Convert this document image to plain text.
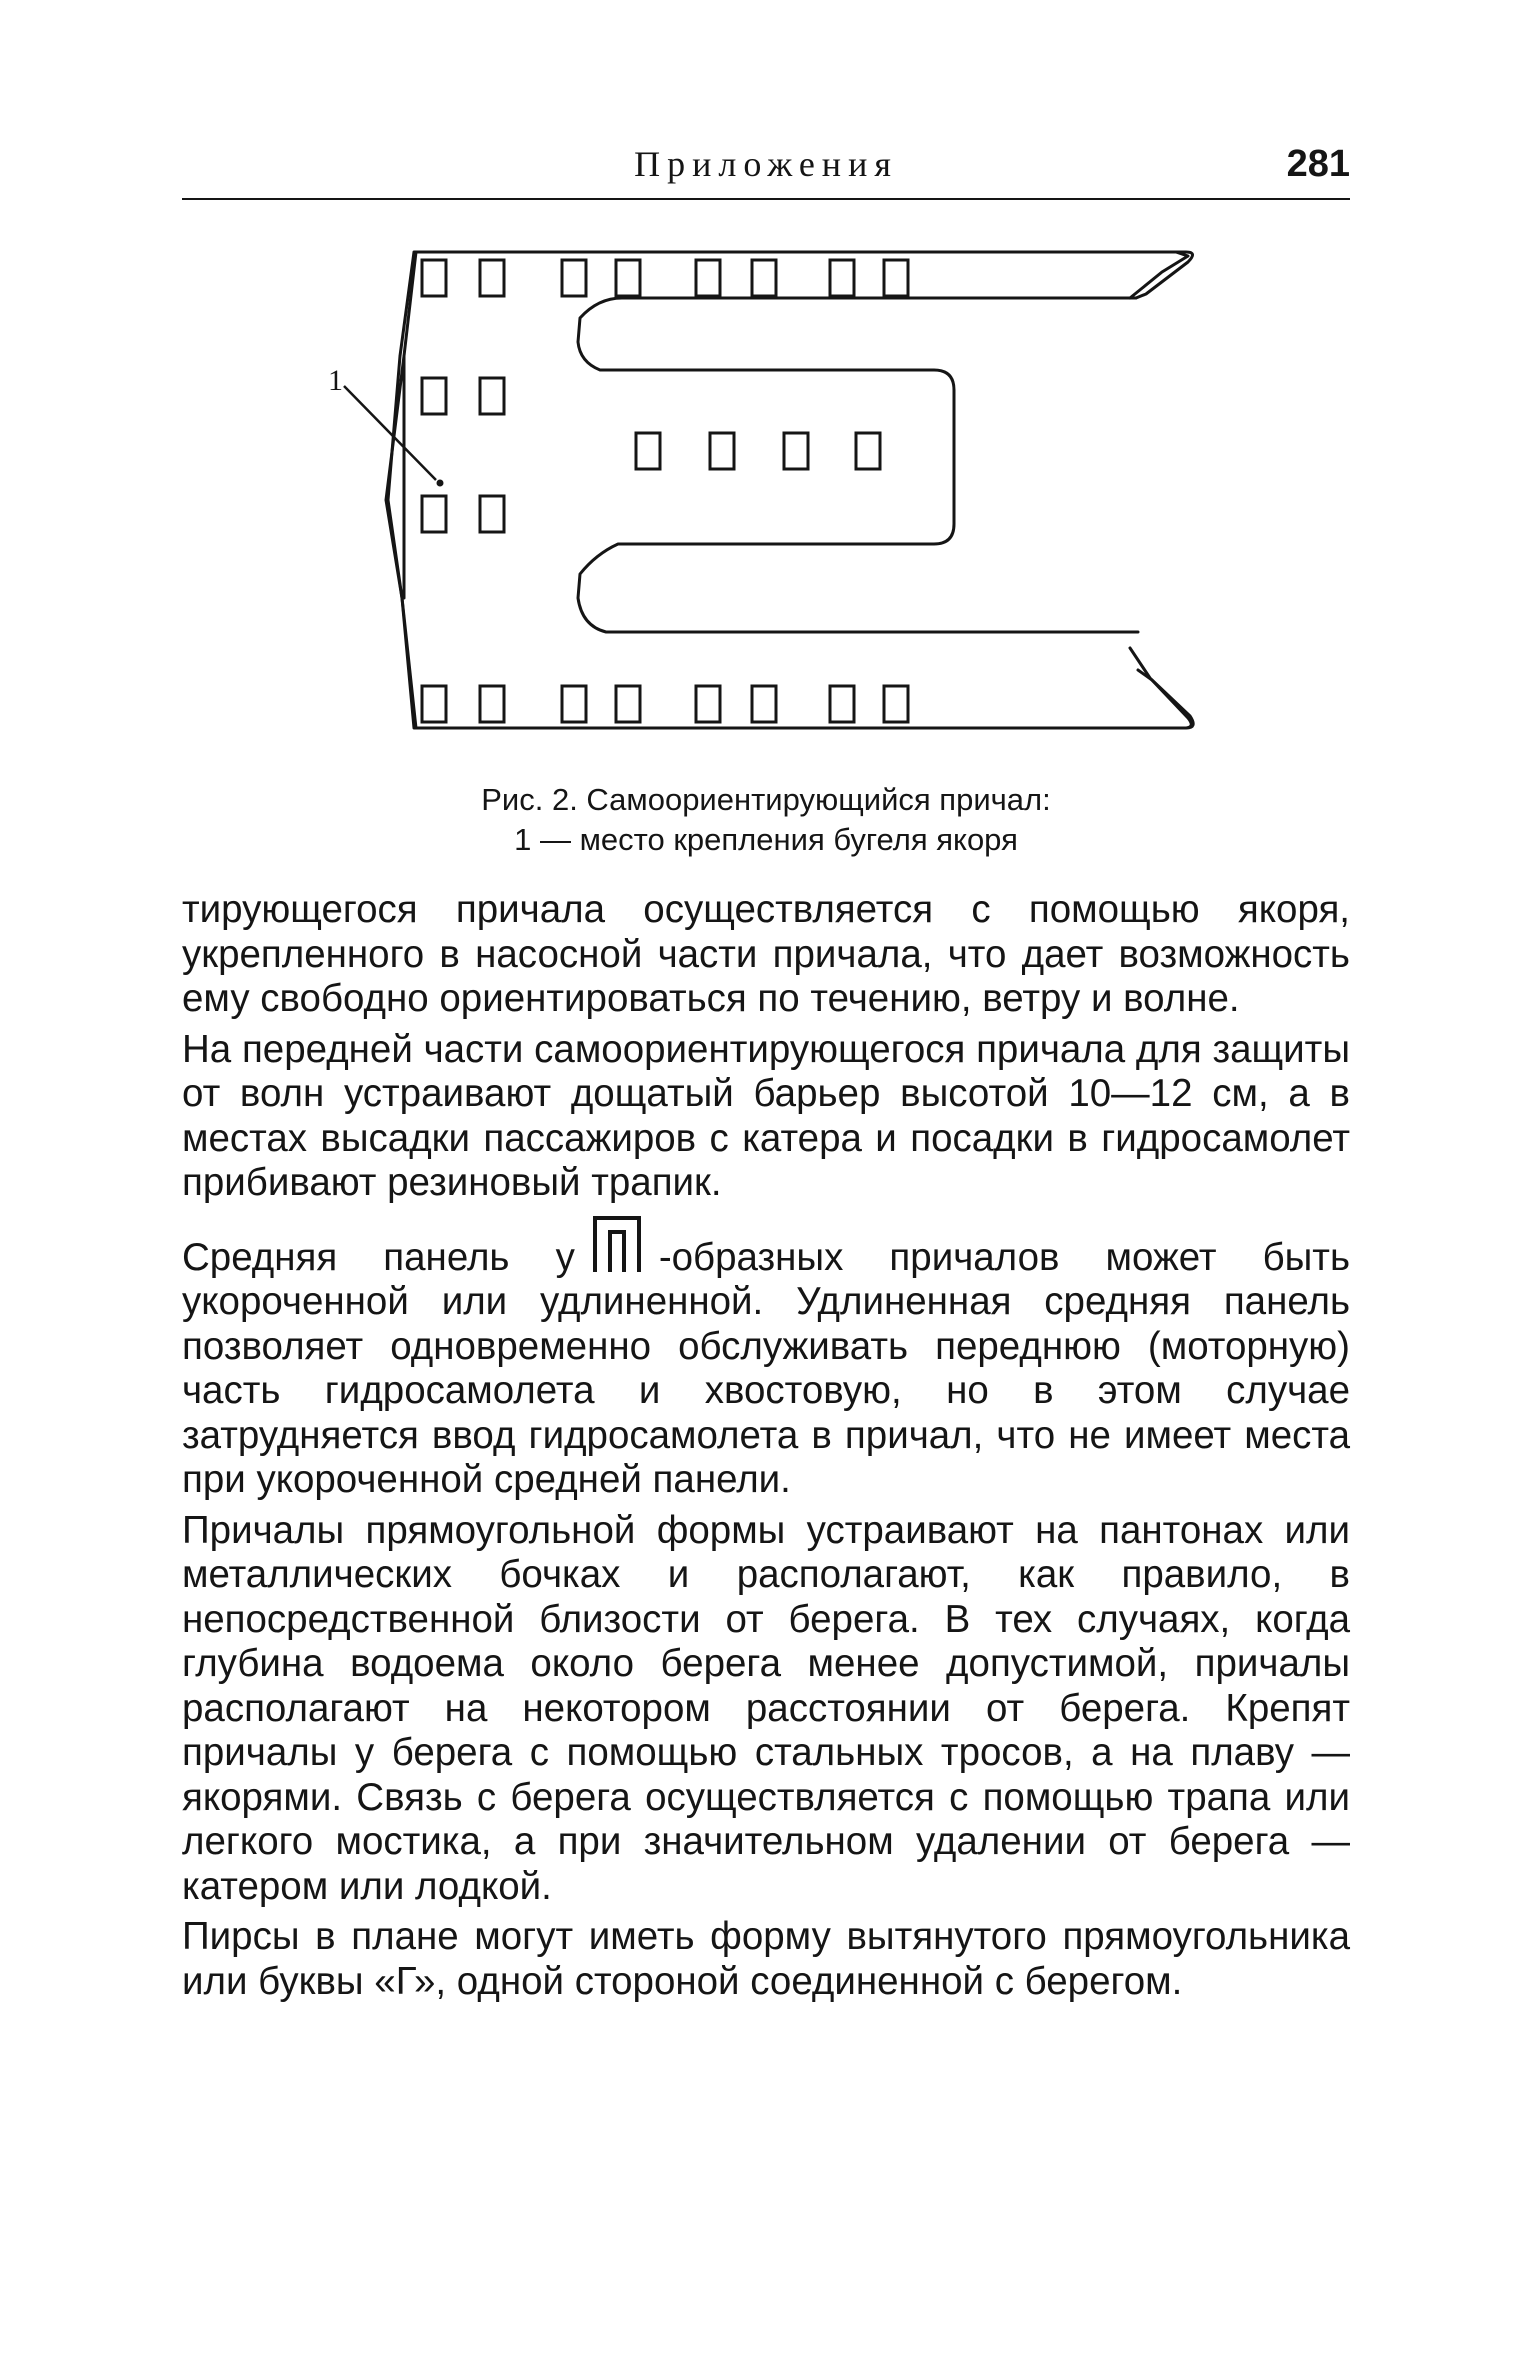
Приложения	281
1

Рис. 2. Самоориентирующийся причал:

1 — место крепления бугеля якоря

тирующегося причала осуществляется с помощью якоря, укрепленного в насосной части причала, что дает возможность ему свободно ориентироваться по течению, ветру и волне.

На передней части самоориентирующегося причала для защиты от волн устраивают дощатый барьер высотой 10—12 см, а в местах высадки пассажиров с катера и посадки в гидросамолет прибивают резиновый трапик.

Средняя панель у -образных причалов может быть укороченной или удлиненной. Удлиненная средняя панель позволяет одновременно обслуживать переднюю (моторную) часть гидросамолета и хвостовую, но в этом случае затрудняется ввод гидросамолета в причал, что не имеет места при укороченной средней панели.

Причалы прямоугольной формы устраивают на пантонах или металлических бочках и располагают, как правило, в непосредственной близости от берега. В тех случаях, когда глубина водоема около берега менее допустимой, причалы располагают на некотором расстоянии от берега. Крепят причалы у берега с помощью стальных тросов, а на плаву — якорями. Связь с берега осуществляется с помощью трапа или легкого мостика, а при значительном удалении от берега — катером или лодкой.

Пирсы в плане могут иметь форму вытянутого прямоугольника или буквы «Г», одной стороной соединенной с берегом.
